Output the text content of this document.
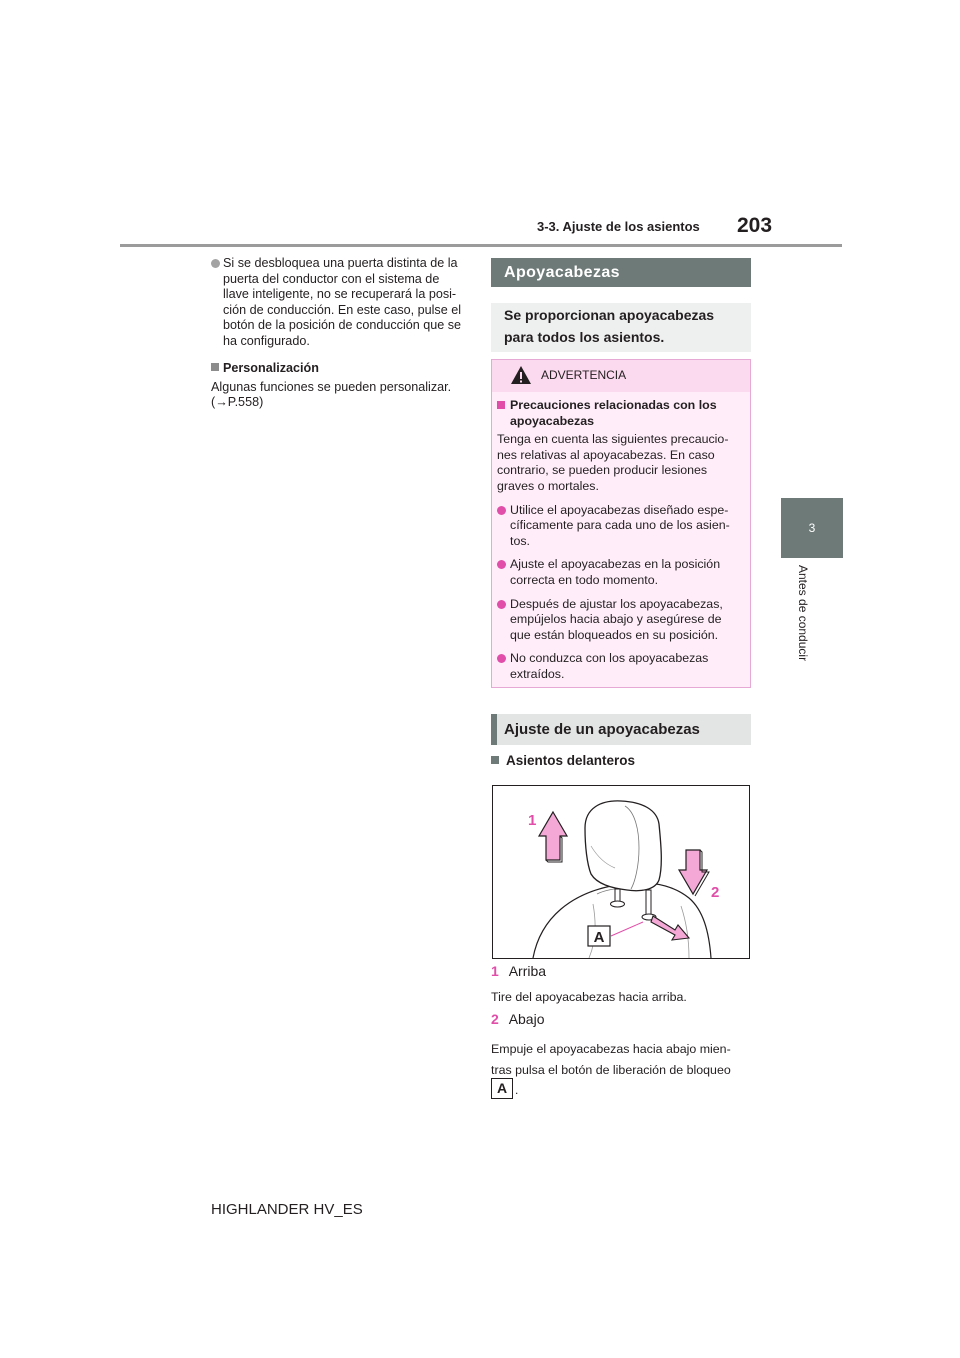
3-3. Ajuste de los asientos 203
3
Antes de conducir
Si se desbloquea una puerta distinta de la
puerta del conductor con el sistema de
llave inteligente, no se recuperará la posi-
ción de conducción. En este caso, pulse el
botón de la posición de conducción que se
ha configurado.
Personalización
Algunas funciones se pueden personalizar.
(→P.558)
Apoyacabezas
Se proporcionan apoyacabezas
para todos los asientos.
ADVERTENCIA
Precauciones relacionadas con los
apoyacabezas
Tenga en cuenta las siguientes precaucio-
nes relativas al apoyacabezas. En caso
contrario, se pueden producir lesiones
graves o mortales.
Utilice el apoyacabezas diseñado espe-
cíficamente para cada uno de los asien-
tos.
Ajuste el apoyacabezas en la posición
correcta en todo momento.
Después de ajustar los apoyacabezas,
empújelos hacia abajo y asegúrese de
que están bloqueados en su posición.
No conduzca con los apoyacabezas
extraídos.
Ajuste de un apoyacabezas
Asientos delanteros
A
1
2
1 Arriba
Tire del apoyacabezas hacia arriba.
2 Abajo
Empuje el apoyacabezas hacia abajo mien-
tras pulsa el botón de liberación de bloqueo
A .
HIGHLANDER HV_ES
